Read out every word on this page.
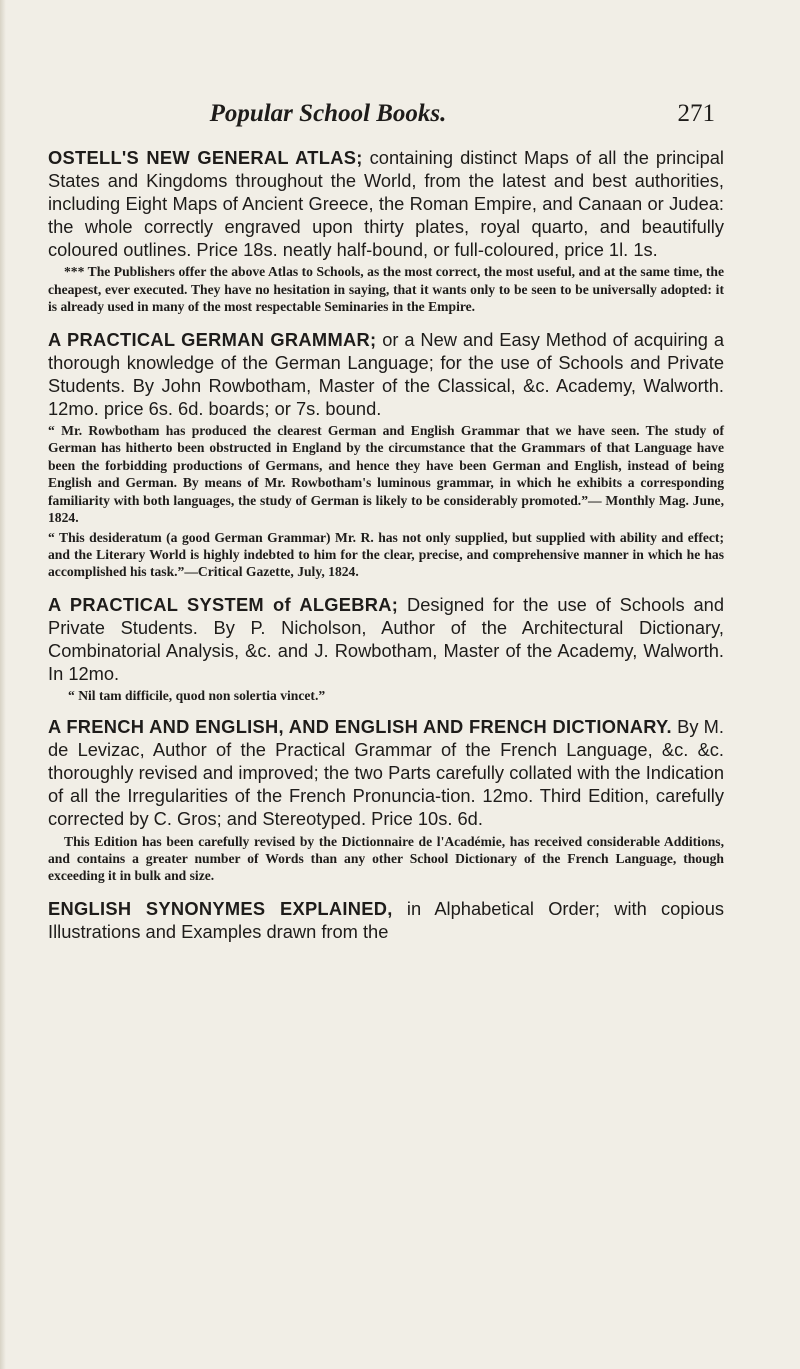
Popular School Books.	271

OSTELL'S NEW GENERAL ATLAS; containing distinct Maps of all the principal States and Kingdoms throughout the World, from the latest and best authorities, including Eight Maps of Ancient Greece, the Roman Empire, and Canaan or Judea: the whole correctly engraved upon thirty plates, royal quarto, and beautifully coloured outlines. Price 18s. neatly half-bound, or full-coloured, price 1l. 1s.

*** The Publishers offer the above Atlas to Schools, as the most correct, the most useful, and at the same time, the cheapest, ever executed. They have no hesitation in saying, that it wants only to be seen to be universally adopted: it is already used in many of the most respectable Seminaries in the Empire.

A PRACTICAL GERMAN GRAMMAR; or a New and Easy Method of acquiring a thorough knowledge of the German Language; for the use of Schools and Private Students. By John Rowbotham, Master of the Classical, &c. Academy, Walworth. 12mo. price 6s. 6d. boards; or 7s. bound.

“ Mr. Rowbotham has produced the clearest German and English Grammar that we have seen. The study of German has hitherto been obstructed in England by the circumstance that the Grammars of that Language have been the forbidding productions of Germans, and hence they have been German and English, instead of being English and German. By means of Mr. Rowbotham's luminous grammar, in which he exhibits a corresponding familiarity with both languages, the study of German is likely to be considerably promoted.”— Monthly Mag. June, 1824.

“ This desideratum (a good German Grammar) Mr. R. has not only supplied, but supplied with ability and effect; and the Literary World is highly indebted to him for the clear, precise, and comprehensive manner in which he has accomplished his task.”—Critical Gazette, July, 1824.

A PRACTICAL SYSTEM of ALGEBRA; Designed for the use of Schools and Private Students. By P. Nicholson, Author of the Architectural Dictionary, Combinatorial Analysis, &c. and J. Rowbotham, Master of the Academy, Walworth. In 12mo.

“ Nil tam difficile, quod non solertia vincet.”

A FRENCH AND ENGLISH, AND ENGLISH AND FRENCH DICTIONARY. By M. de Levizac, Author of the Practical Grammar of the French Language, &c. &c. thoroughly revised and improved; the two Parts carefully collated with the Indication of all the Irregularities of the French Pronuncia-tion. 12mo. Third Edition, carefully corrected by C. Gros; and Stereotyped. Price 10s. 6d.

This Edition has been carefully revised by the Dictionnaire de l'Académie, has received considerable Additions, and contains a greater number of Words than any other School Dictionary of the French Language, though exceeding it in bulk and size.

ENGLISH SYNONYMES EXPLAINED, in Alphabetical Order; with copious Illustrations and Examples drawn from the
